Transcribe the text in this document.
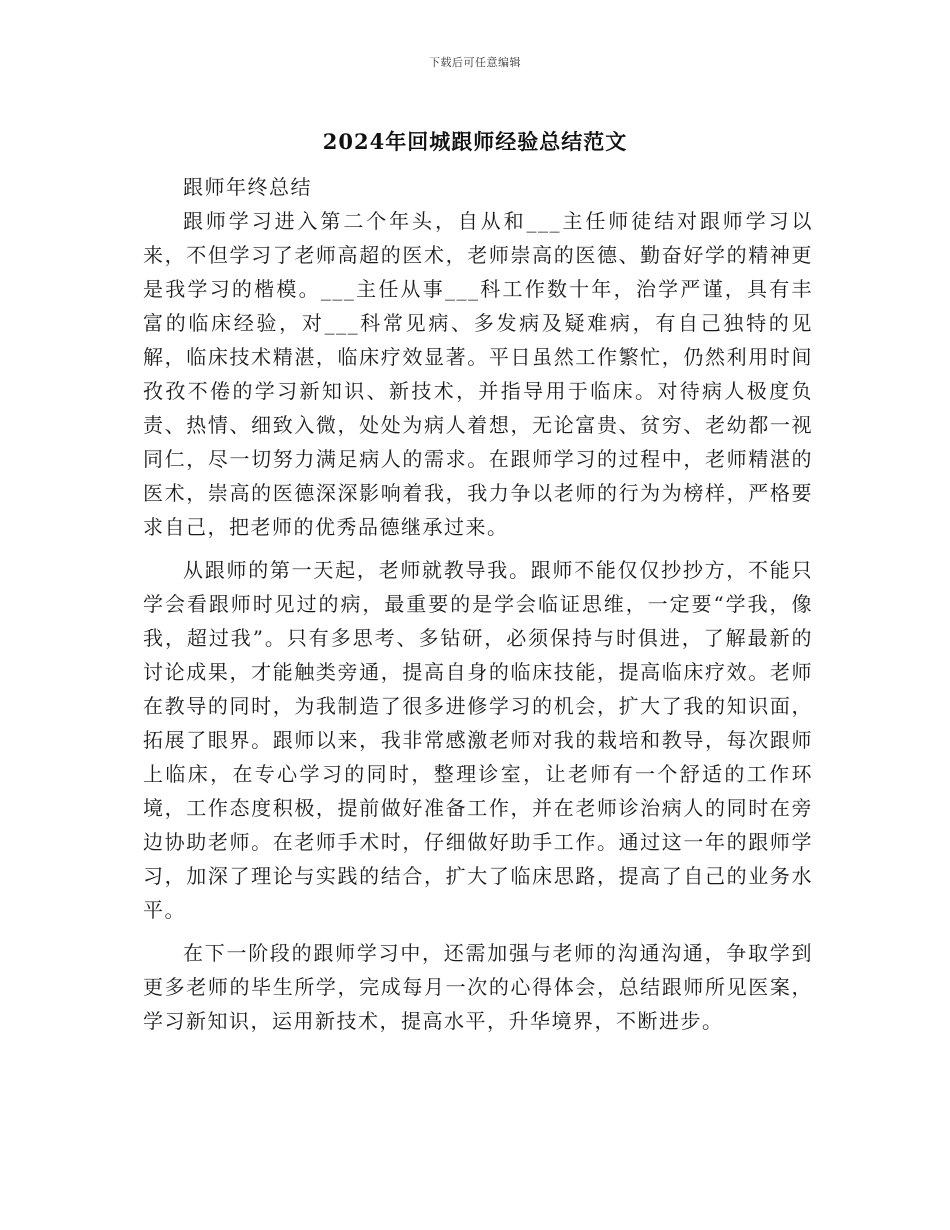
下载后可任意编辑
2024年回城跟师经验总结范文

跟师年终总结

跟师学习进入第二个年头，自从和___主任师徒结对跟师学习以来，不但学习了老师高超的医术，老师崇高的医德、勤奋好学的精神更是我学习的楷模。___主任从事___科工作数十年，治学严谨，具有丰富的临床经验，对___科常见病、多发病及疑难病，有自己独特的见解，临床技术精湛，临床疗效显著。平日虽然工作繁忙，仍然利用时间孜孜不倦的学习新知识、新技术，并指导用于临床。对待病人极度负责、热情、细致入微，处处为病人着想，无论富贵、贫穷、老幼都一视同仁，尽一切努力满足病人的需求。在跟师学习的过程中，老师精湛的医术，崇高的医德深深影响着我，我力争以老师的行为为榜样，严格要求自己，把老师的优秀品德继承过来。

从跟师的第一天起，老师就教导我。跟师不能仅仅抄抄方，不能只学会看跟师时见过的病，最重要的是学会临证思维，一定要“学我，像我，超过我”。只有多思考、多钻研，必须保持与时俱进，了解最新的讨论成果，才能触类旁通，提高自身的临床技能，提高临床疗效。老师在教导的同时，为我制造了很多进修学习的机会，扩大了我的知识面，拓展了眼界。跟师以来，我非常感激老师对我的栽培和教导，每次跟师上临床，在专心学习的同时，整理诊室，让老师有一个舒适的工作环境，工作态度积极，提前做好准备工作，并在老师诊治病人的同时在旁边协助老师。在老师手术时，仔细做好助手工作。通过这一年的跟师学习，加深了理论与实践的结合，扩大了临床思路，提高了自己的业务水平。

在下一阶段的跟师学习中，还需加强与老师的沟通沟通，争取学到更多老师的毕生所学，完成每月一次的心得体会，总结跟师所见医案，学习新知识，运用新技术，提高水平，升华境界，不断进步。
